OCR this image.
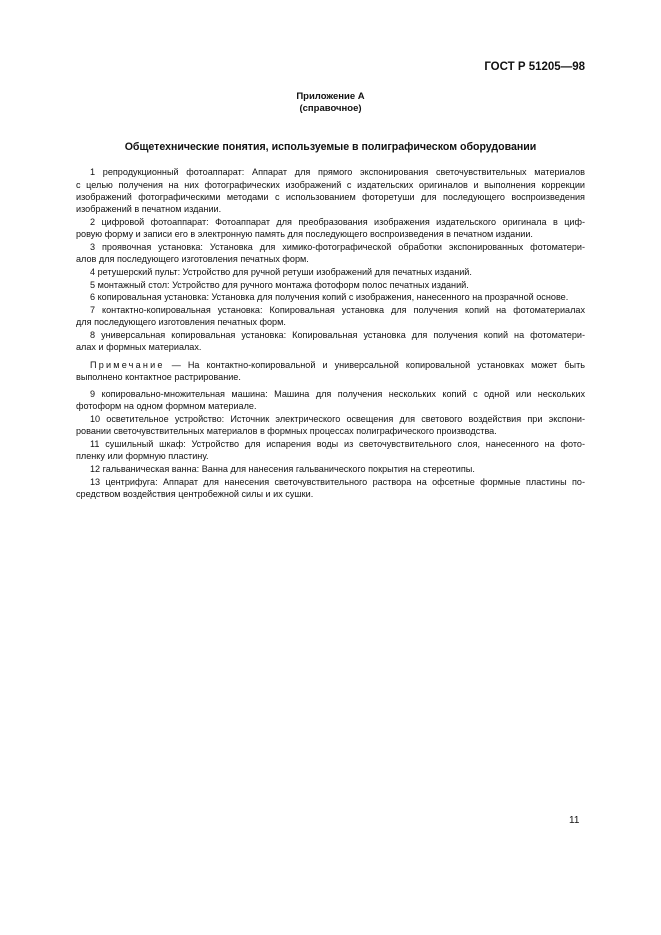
ГОСТ Р 51205—98
Приложение А
(справочное)
Общетехнические понятия, используемые в полиграфическом оборудовании
1 репродукционный фотоаппарат: Аппарат для прямого экспонирования светочувствительных материалов
с целью получения на них фотографических изображений с издательских оригиналов и выполнения коррекции
изображений фотографическими методами с использованием фоторетуши для последующего воспроизведения
изображений в печатном издании.
2 цифровой фотоаппарат: Фотоаппарат для преобразования изображения издательского оригинала в циф-
ровую форму и записи его в электронную память для последующего воспроизведения в печатном издании.
3 проявочная установка: Установка для химико-фотографической обработки экспонированных фотоматери-
алов для последующего изготовления печатных форм.
4 ретушерский пульт: Устройство для ручной ретуши изображений для печатных изданий.
5 монтажный стол: Устройство для ручного монтажа фотоформ полос печатных изданий.
6 копировальная установка: Установка для получения копий с изображения, нанесенного на прозрачной основе.
7 контактно-копировальная установка: Копировальная установка для получения копий на фотоматериалах
для последующего изготовления печатных форм.
8 универсальная копировальная установка: Копировальная установка для получения копий на фотоматери-
алах и формных материалах.
Примечание — На контактно-копировальной и универсальной копировальной установках может быть
выполнено контактное растрирование.
9 копировально-множительная машина: Машина для получения нескольких копий с одной или нескольких
фотоформ на одном формном материале.
10 осветительное устройство: Источник электрического освещения для светового воздействия при экспони-
ровании светочувствительных материалов в формных процессах полиграфического производства.
11 сушильный шкаф: Устройство для испарения воды из светочувствительного слоя, нанесенного на фото-
пленку или формную пластину.
12 гальваническая ванна: Ванна для нанесения гальванического покрытия на стереотипы.
13 центрифуга: Аппарат для нанесения светочувствительного раствора на офсетные формные пластины по-
средством воздействия центробежной силы и их сушки.
11
